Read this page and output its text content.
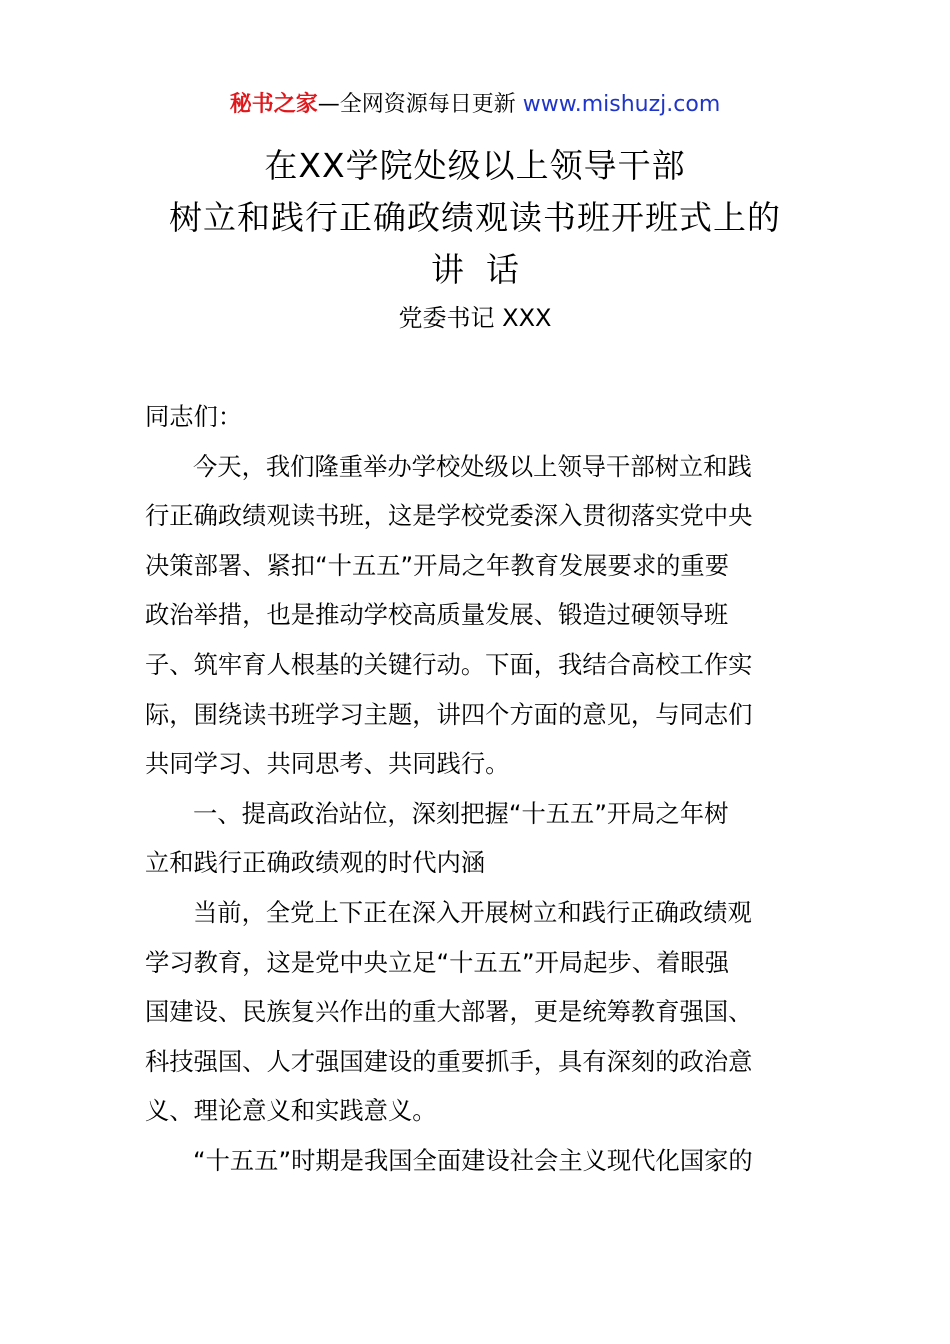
秘书之家—全网资源每日更新 www.mishuzj.com
在XX学院处级以上领导干部
树立和践行正确政绩观读书班开班式上的
讲话
党委书记 XXX
同志们：
今天，我们隆重举办学校处级以上领导干部树立和践
行正确政绩观读书班，这是学校党委深入贯彻落实党中央
决策部署、紧扣“十五五”开局之年教育发展要求的重要
政治举措，也是推动学校高质量发展、锻造过硬领导班
子、筑牢育人根基的关键行动。下面，我结合高校工作实
际，围绕读书班学习主题，讲四个方面的意见，与同志们
共同学习、共同思考、共同践行。
一、提高政治站位，深刻把握“十五五”开局之年树
立和践行正确政绩观的时代内涵
当前，全党上下正在深入开展树立和践行正确政绩观
学习教育，这是党中央立足“十五五”开局起步、着眼强
国建设、民族复兴作出的重大部署，更是统筹教育强国、
科技强国、人才强国建设的重要抓手，具有深刻的政治意
义、理论意义和实践意义。
“十五五”时期是我国全面建设社会主义现代化国家的
